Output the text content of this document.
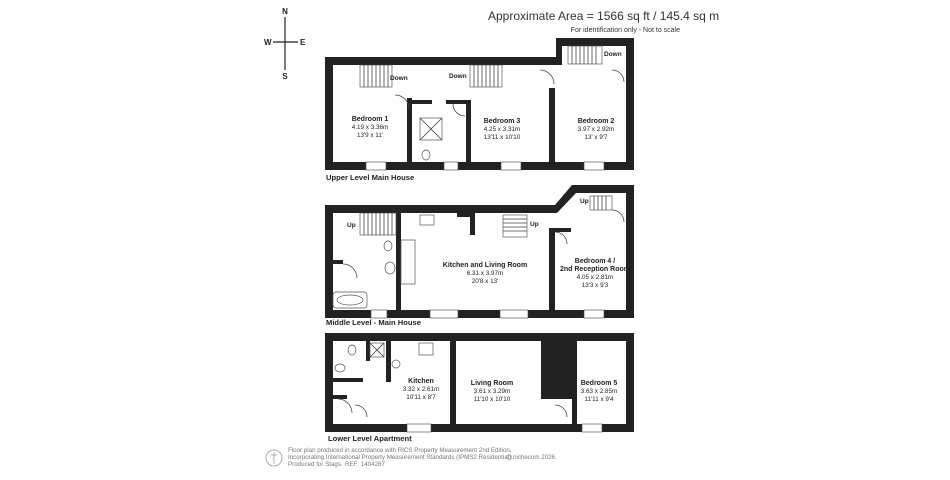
Approximate Area = 1566 sq ft / 145.4 sq m
For identification only - Not to scale
N
S
W	E
Down	Down
Down
Bedroom 1
4.19 x 3.36m
13'9 x 11'
Bedroom 3
4.25 x 3.31m
13'11 x 10'10
Bedroom 2
3.97 x 2.92m
13' x 9'7
Upper Level Main House
Up	Up
Up
Kitchen and Living Room
6.31 x 3.97m
20'8 x 13'
Bedroom 4 /
2nd Reception Room
4.05 x 2.81m
13'3 x 9'3
Middle Level - Main House
Kitchen
3.32 x 2.61m
10'11 x 8'7
Living Room
3.61 x 3.29m
11'10 x 10'10
Bedroom 5
3.63 x 2.85m
11'11 x 9'4
Lower Level Apartment
Floor plan produced in accordance with RICS Property Measurement 2nd Edition,
Incorporating International Property Measurement Standards (IPMS2 Residential).
Produced for Stags. REF: 1404287
nichecom 2026.
